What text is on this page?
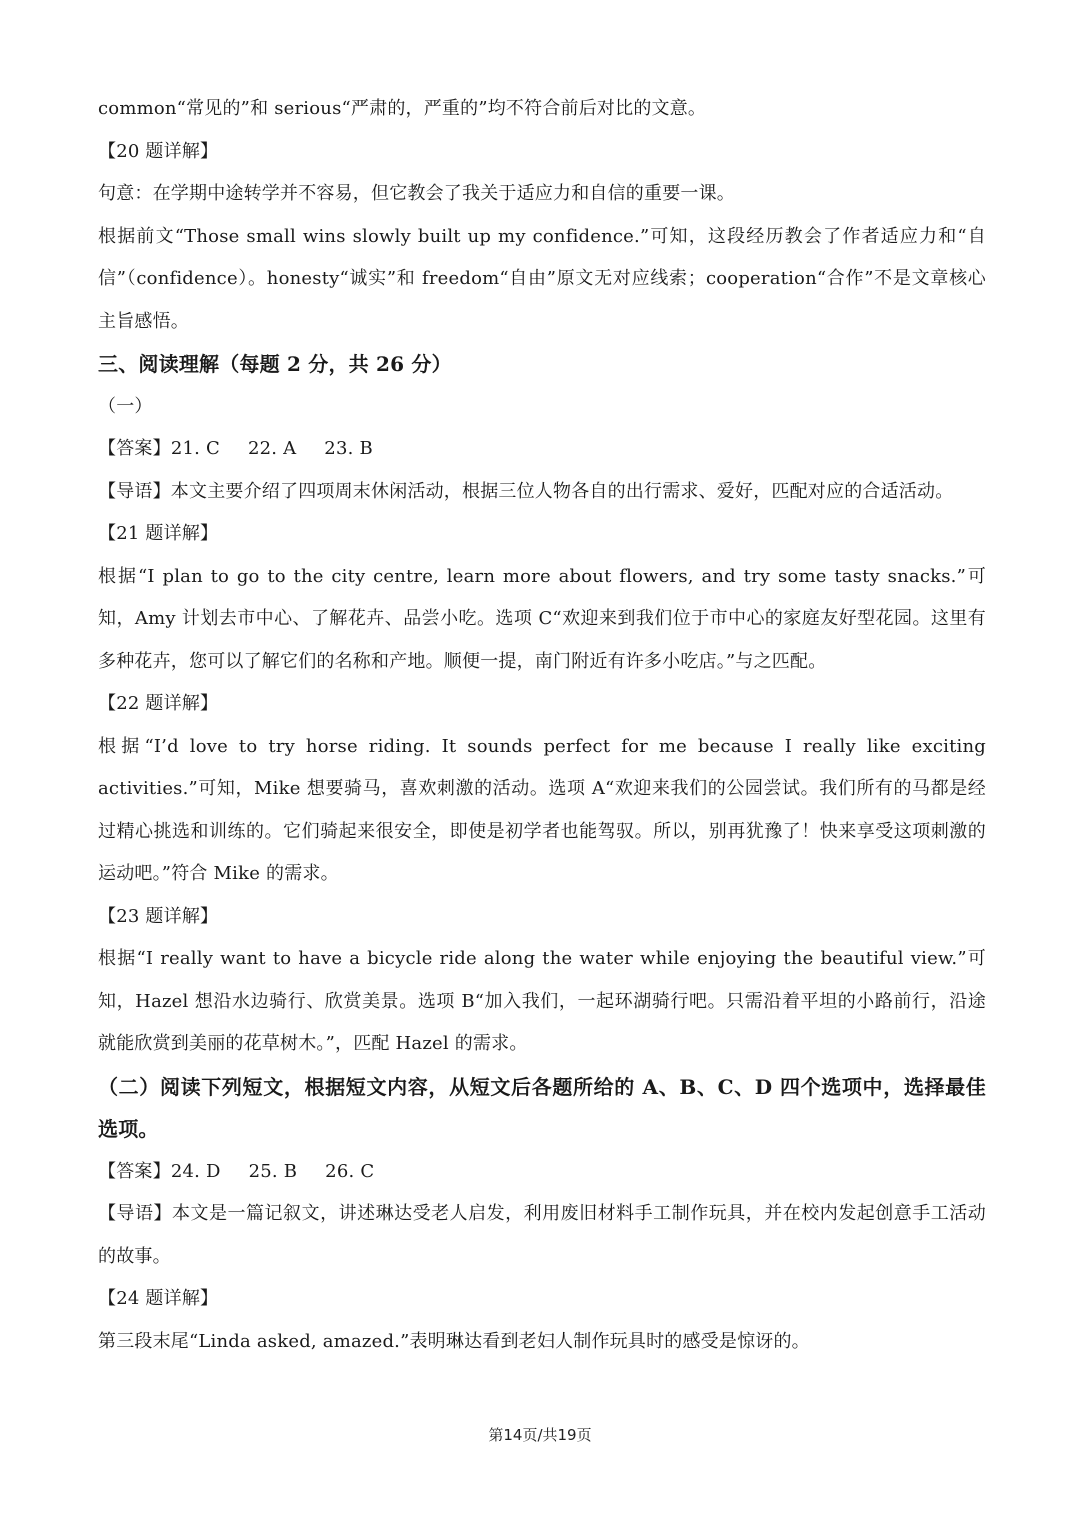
common“常见的”和 serious“严肃的，严重的”均不符合前后对比的文意。
【20 题详解】
句意：在学期中途转学并不容易，但它教会了我关于适应力和自信的重要一课。
根据前文“Those small wins slowly built up my confidence.”可知，这段经历教会了作者适应力和“自信”（confidence）。honesty“诚实”和 freedom“自由”原文无对应线索；cooperation“合作”不是文章核心主旨感悟。
三、阅读理解（每题 2 分，共 26 分）
（一）
【答案】21. C 22. A 23. B
【导语】本文主要介绍了四项周末休闲活动，根据三位人物各自的出行需求、爱好，匹配对应的合适活动。
【21 题详解】
根据“I plan to go to the city centre, learn more about flowers, and try some tasty snacks.”可知，Amy 计划去市中心、了解花卉、品尝小吃。选项 C“欢迎来到我们位于市中心的家庭友好型花园。这里有多种花卉，您可以了解它们的名称和产地。顺便一提，南门附近有许多小吃店。”与之匹配。
【22 题详解】
根据“I’d love to try horse riding. It sounds perfect for me because I really like exciting activities.”可知，Mike 想要骑马，喜欢刺激的活动。选项 A“欢迎来我们的公园尝试。我们所有的马都是经过精心挑选和训练的。它们骑起来很安全，即使是初学者也能驾驭。所以，别再犹豫了！快来享受这项刺激的运动吧。”符合 Mike 的需求。
【23 题详解】
根据“I really want to have a bicycle ride along the water while enjoying the beautiful view.”可知，Hazel 想沿水边骑行、欣赏美景。选项 B“加入我们，一起环湖骑行吧。只需沿着平坦的小路前行，沿途就能欣赏到美丽的花草树木。”，匹配 Hazel 的需求。
（二）阅读下列短文，根据短文内容，从短文后各题所给的 A、B、C、D 四个选项中，选择最佳选项。
【答案】24. D 25. B 26. C
【导语】本文是一篇记叙文，讲述琳达受老人启发，利用废旧材料手工制作玩具，并在校内发起创意手工活动的故事。
【24 题详解】
第三段末尾“Linda asked, amazed.”表明琳达看到老妇人制作玩具时的感受是惊讶的。
第14页/共19页
